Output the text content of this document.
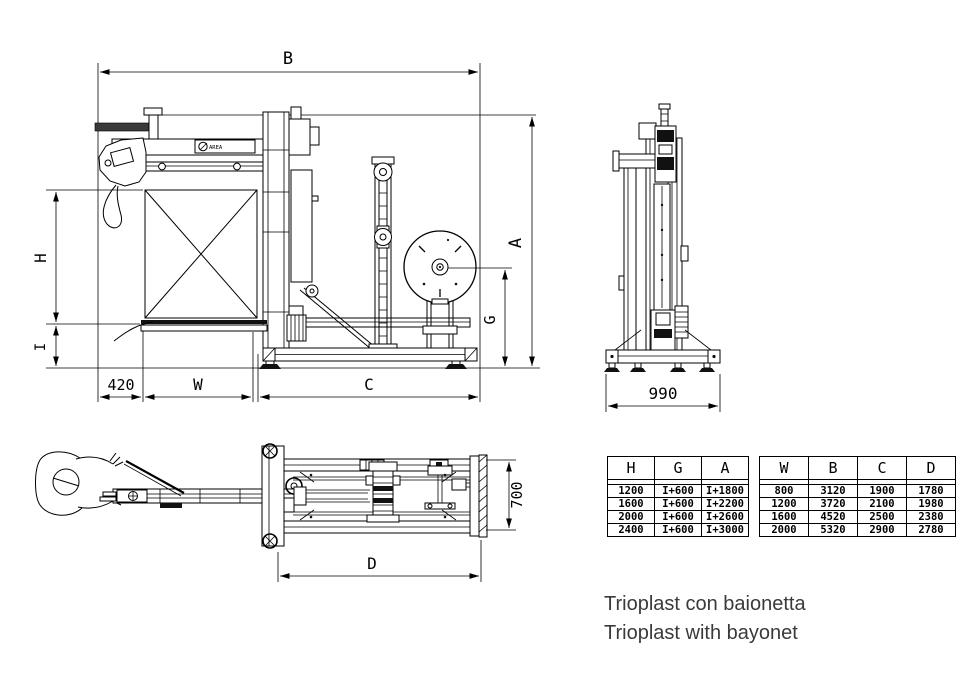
B
A
G
H
I
420	W	C
AREA
990
700
D
H	G	A

1200	I+600	I+1800
1600	I+600	I+2200
2000	I+600	I+2600
2400	I+600	I+3000
W	B	C	D

800	3120	1900	1780
1200	3720	2100	1980
1600	4520	2500	2380
2000	5320	2900	2780
Trioplast con baionetta
Trioplast with bayonet
